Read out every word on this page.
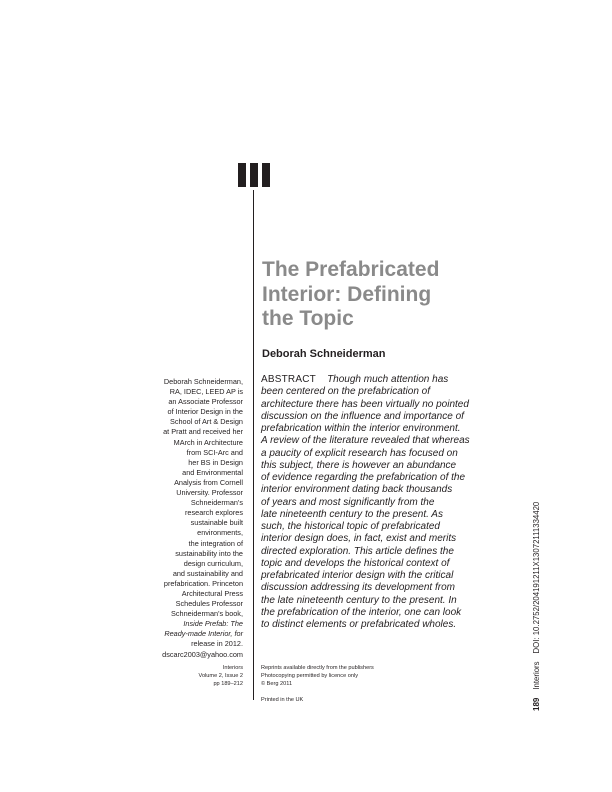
The Prefabricated
Interior: Defining
the Topic

Deborah Schneiderman

ABSTRACT Though much attention has
been centered on the prefabrication of
architecture there has been virtually no pointed
discussion on the influence and importance of
prefabrication within the interior environment.
A review of the literature revealed that whereas
a paucity of explicit research has focused on
this subject, there is however an abundance
of evidence regarding the prefabrication of the
interior environment dating back thousands
of years and most significantly from the
late nineteenth century to the present. As
such, the historical topic of prefabricated
interior design does, in fact, exist and merits
directed exploration. This article defines the
topic and develops the historical context of
prefabricated interior design with the critical
discussion addressing its development from
the late nineteenth century to the present. In
the prefabrication of the interior, one can look
to distinct elements or prefabricated wholes.
Deborah Schneiderman,
RA, IDEC, LEED AP is
an Associate Professor
of Interior Design in the
School of Art & Design
at Pratt and received her
MArch in Architecture
from SCI-Arc and
her BS in Design
and Environmental
Analysis from Cornell
University. Professor
Schneiderman's
research explores
sustainable built
environments,
the integration of
sustainability into the
design curriculum,
and sustainability and
prefabrication. Princeton
Architectural Press
Schedules Professor
Schneiderman's book,
Inside Prefab: The
Ready-made Interior, for
release in 2012.
dscarc2003@yahoo.com
Interiors
Volume 2, Issue 2
pp 189–212
Reprints available directly from the publishers
Photocopying permitted by licence only
© Berg 2011
Printed in the UK	189InteriorsDOI: 10.2752/204191211X13072111334420
